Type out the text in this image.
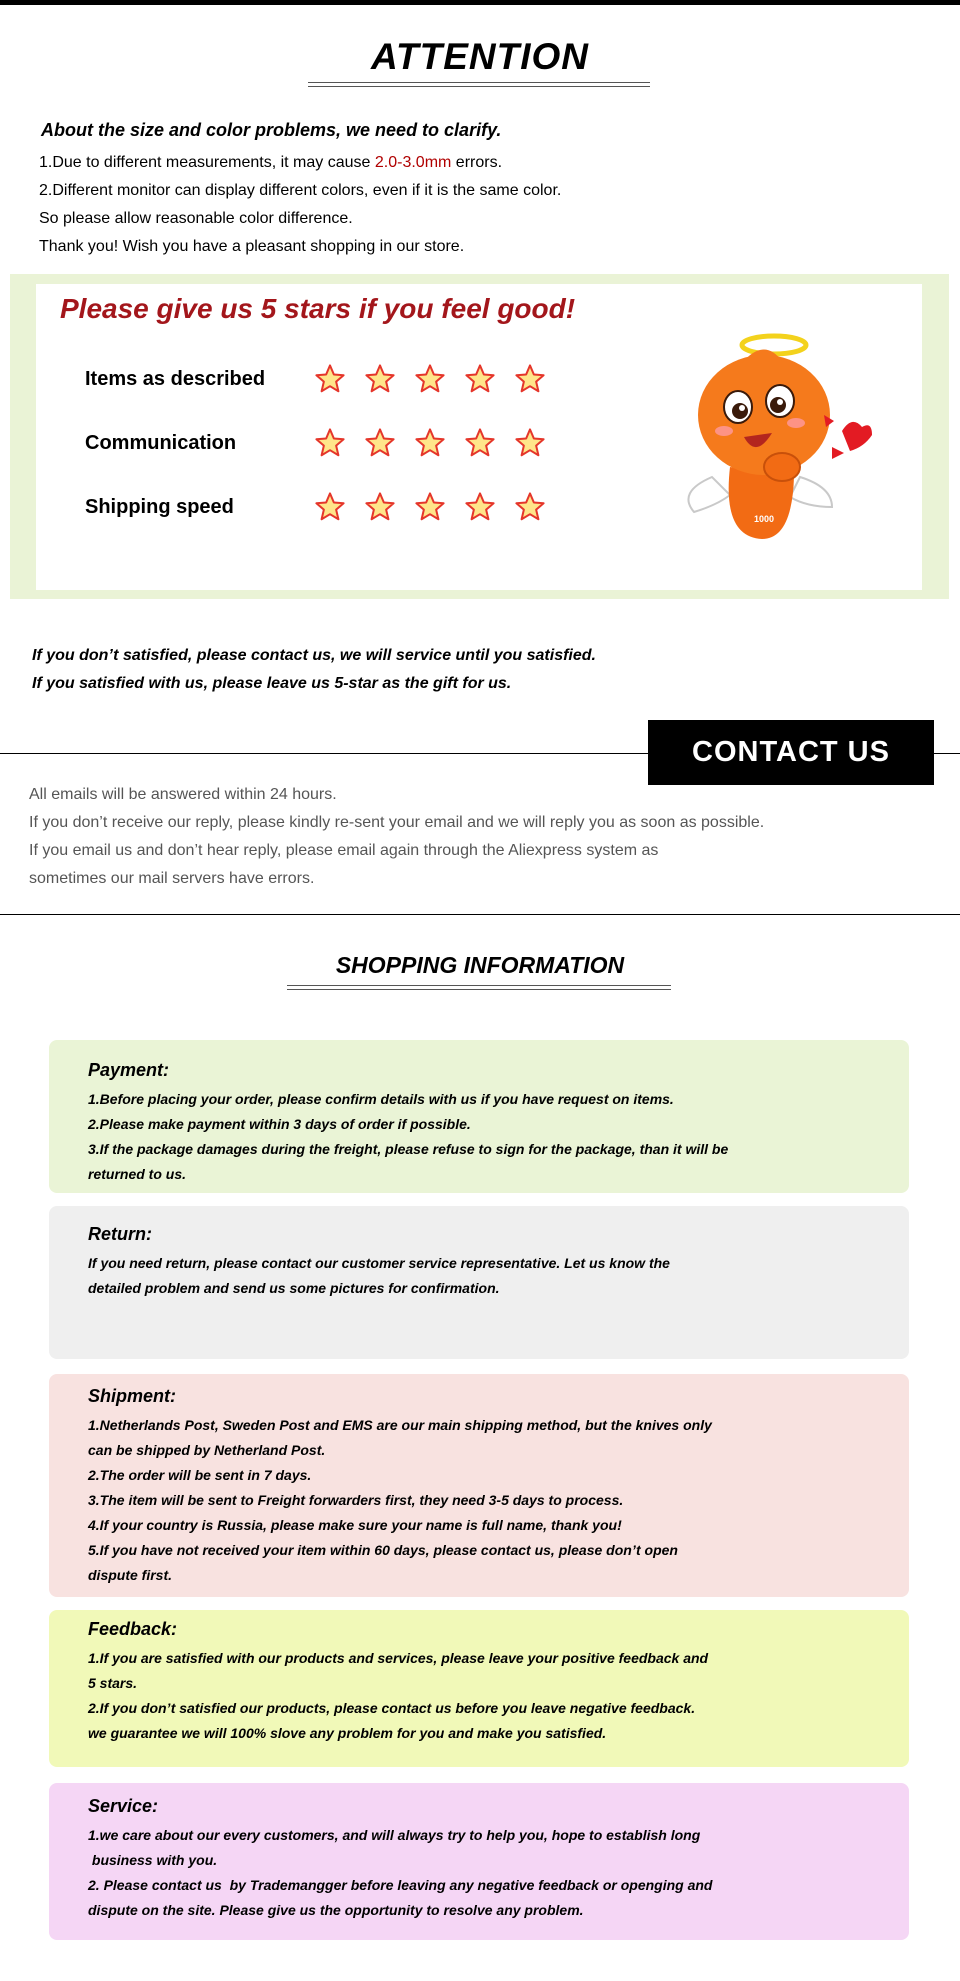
ATTENTION
About the size and color problems, we need to clarify.
1.Due to different measurements, it may cause 2.0-3.0mm errors.
2.Different monitor can display different colors, even if it is the same color.
So please allow reasonable color difference.
Thank you! Wish you have a pleasant shopping in our store.
Please give us 5 stars if you feel good!
Items as described
Communication
Shipping speed
1000
If you don’t satisfied, please contact us, we will service until you satisfied.
If you satisfied with us, please leave us 5-star as the gift for us.
CONTACT US
All emails will be answered within 24 hours.
If you don’t receive our reply, please kindly re-sent your email and we will reply you as soon as possible.
If you email us and don’t hear reply, please email again through the Aliexpress system as
sometimes our mail servers have errors.
SHOPPING INFORMATION
Payment:
1.Before placing your order, please confirm details with us if you have request on items.
2.Please make payment within 3 days of order if possible.
3.If the package damages during the freight, please refuse to sign for the package, than it will be
returned to us.
Return:
If you need return, please contact our customer service representative. Let us know the
detailed problem and send us some pictures for confirmation.
Shipment:
1.Netherlands Post, Sweden Post and EMS are our main shipping method, but the knives only
can be shipped by Netherland Post.
2.The order will be sent in 7 days.
3.The item will be sent to Freight forwarders first, they need 3-5 days to process.
4.If your country is Russia, please make sure your name is full name, thank you!
5.If you have not received your item within 60 days, please contact us, please don’t open
dispute first.
Feedback:
1.If you are satisfied with our products and services, please leave your positive feedback and
5 stars.
2.If you don’t satisfied our products, please contact us before you leave negative feedback.
we guarantee we will 100% slove any problem for you and make you satisfied.
Service:
1.we care about our every customers, and will always try to help you, hope to establish long
business with you.
2. Please contact us  by Trademangger before leaving any negative feedback or openging and
dispute on the site. Please give us the opportunity to resolve any problem.
